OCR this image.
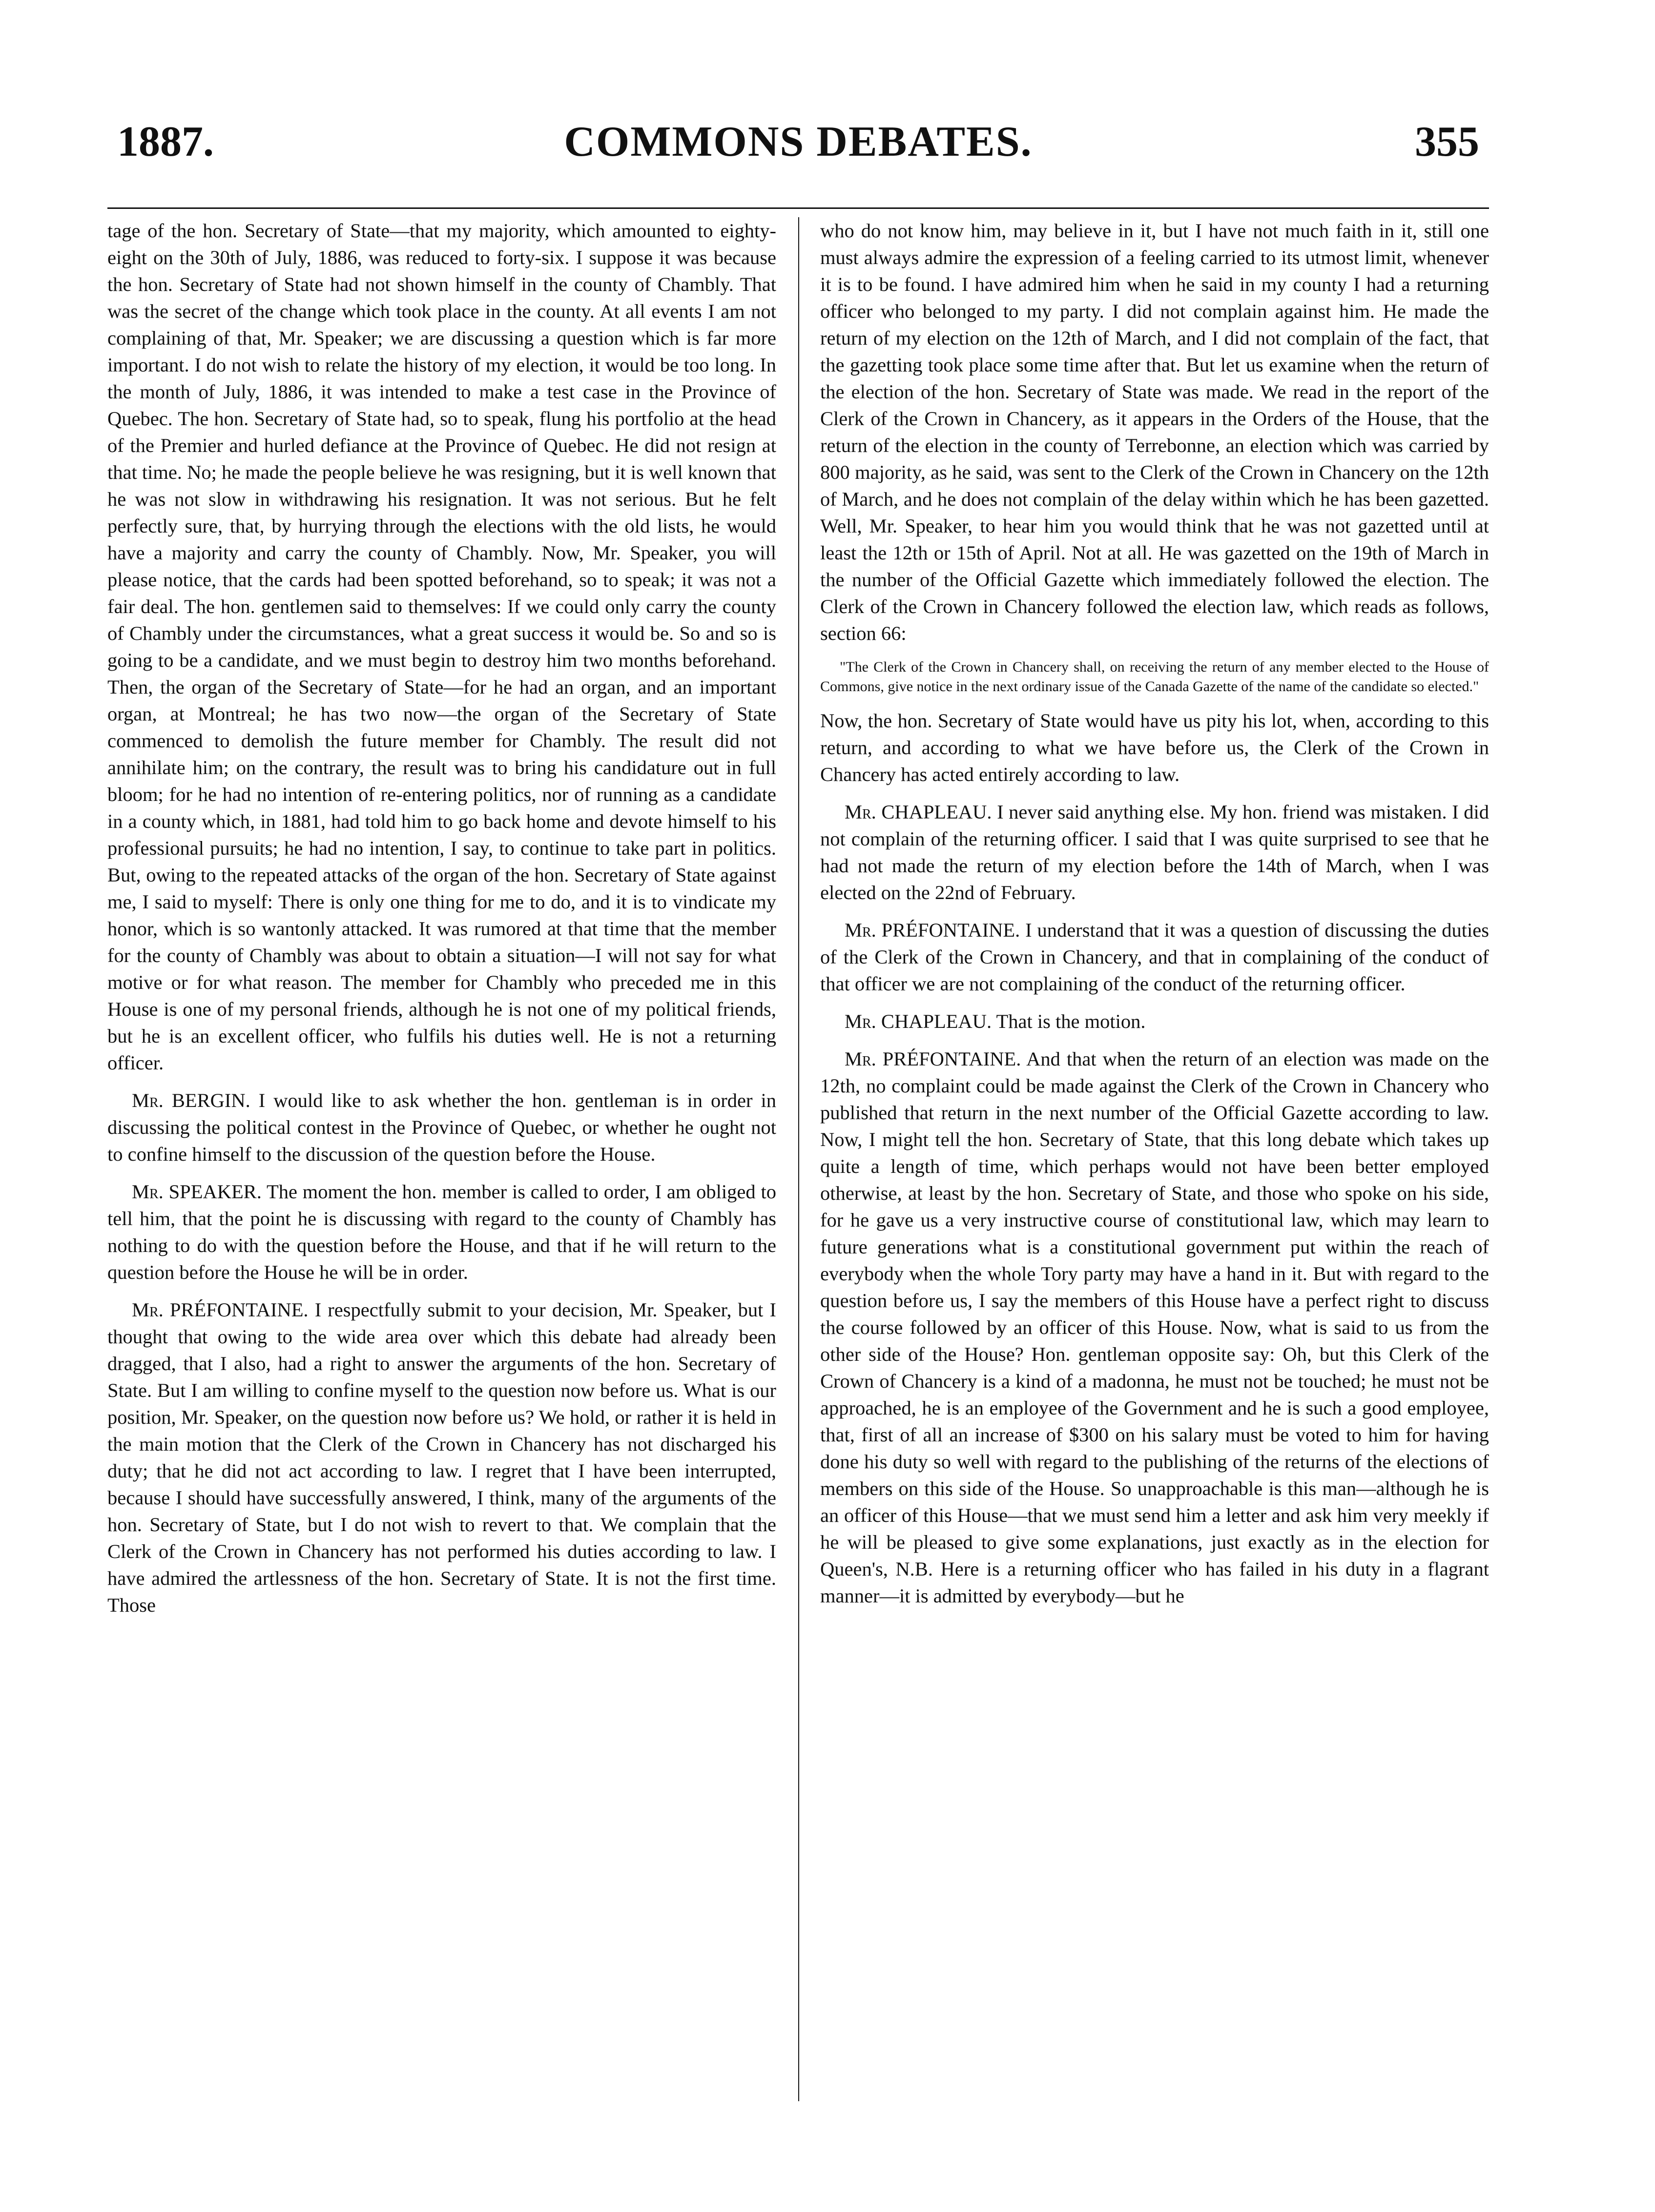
1887.	COMMONS DEBATES.	355

tage of the hon. Secretary of State—that my majority, which amounted to eighty-eight on the 30th of July, 1886, was reduced to forty-six. I suppose it was because the hon. Secretary of State had not shown himself in the county of Chambly. That was the secret of the change which took place in the county. At all events I am not complaining of that, Mr. Speaker; we are discussing a question which is far more important. I do not wish to relate the history of my election, it would be too long. In the month of July, 1886, it was intended to make a test case in the Province of Quebec. The hon. Secretary of State had, so to speak, flung his portfolio at the head of the Premier and hurled defiance at the Province of Quebec. He did not resign at that time. No; he made the people believe he was resigning, but it is well known that he was not slow in withdrawing his resignation. It was not serious. But he felt perfectly sure, that, by hurrying through the elections with the old lists, he would have a majority and carry the county of Chambly. Now, Mr. Speaker, you will please notice, that the cards had been spotted beforehand, so to speak; it was not a fair deal. The hon. gentlemen said to themselves: If we could only carry the county of Chambly under the circumstances, what a great success it would be. So and so is going to be a candidate, and we must begin to destroy him two months beforehand. Then, the organ of the Secretary of State—for he had an organ, and an important organ, at Montreal; he has two now—the organ of the Secretary of State commenced to demolish the future member for Chambly. The result did not annihilate him; on the contrary, the result was to bring his candidature out in full bloom; for he had no intention of re-entering politics, nor of running as a candidate in a county which, in 1881, had told him to go back home and devote himself to his professional pursuits; he had no intention, I say, to continue to take part in politics. But, owing to the repeated attacks of the organ of the hon. Secretary of State against me, I said to myself: There is only one thing for me to do, and it is to vindicate my honor, which is so wantonly attacked. It was rumored at that time that the member for the county of Chambly was about to obtain a situation—I will not say for what motive or for what reason. The member for Chambly who preceded me in this House is one of my personal friends, although he is not one of my political friends, but he is an excellent officer, who fulfils his duties well. He is not a returning officer.

Mr. BERGIN. I would like to ask whether the hon. gentleman is in order in discussing the political contest in the Province of Quebec, or whether he ought not to confine himself to the discussion of the question before the House.

Mr. SPEAKER. The moment the hon. member is called to order, I am obliged to tell him, that the point he is discussing with regard to the county of Chambly has nothing to do with the question before the House, and that if he will return to the question before the House he will be in order.

Mr. PRÉFONTAINE. I respectfully submit to your decision, Mr. Speaker, but I thought that owing to the wide area over which this debate had already been dragged, that I also, had a right to answer the arguments of the hon. Secretary of State. But I am willing to confine myself to the question now before us. What is our position, Mr. Speaker, on the question now before us? We hold, or rather it is held in the main motion that the Clerk of the Crown in Chancery has not discharged his duty; that he did not act according to law. I regret that I have been interrupted, because I should have successfully answered, I think, many of the arguments of the hon. Secretary of State, but I do not wish to revert to that. We complain that the Clerk of the Crown in Chancery has not performed his duties according to law. I have admired the artlessness of the hon. Secretary of State. It is not the first time. Those

who do not know him, may believe in it, but I have not much faith in it, still one must always admire the expression of a feeling carried to its utmost limit, whenever it is to be found. I have admired him when he said in my county I had a returning officer who belonged to my party. I did not complain against him. He made the return of my election on the 12th of March, and I did not complain of the fact, that the gazetting took place some time after that. But let us examine when the return of the election of the hon. Secretary of State was made. We read in the report of the Clerk of the Crown in Chancery, as it appears in the Orders of the House, that the return of the election in the county of Terrebonne, an election which was carried by 800 majority, as he said, was sent to the Clerk of the Crown in Chancery on the 12th of March, and he does not complain of the delay within which he has been gazetted. Well, Mr. Speaker, to hear him you would think that he was not gazetted until at least the 12th or 15th of April. Not at all. He was gazetted on the 19th of March in the number of the Official Gazette which immediately followed the election. The Clerk of the Crown in Chancery followed the election law, which reads as follows, section 66:

"The Clerk of the Crown in Chancery shall, on receiving the return of any member elected to the House of Commons, give notice in the next ordinary issue of the Canada Gazette of the name of the candidate so elected."

Now, the hon. Secretary of State would have us pity his lot, when, according to this return, and according to what we have before us, the Clerk of the Crown in Chancery has acted entirely according to law.

Mr. CHAPLEAU. I never said anything else. My hon. friend was mistaken. I did not complain of the returning officer. I said that I was quite surprised to see that he had not made the return of my election before the 14th of March, when I was elected on the 22nd of February.

Mr. PRÉFONTAINE. I understand that it was a question of discussing the duties of the Clerk of the Crown in Chancery, and that in complaining of the conduct of that officer we are not complaining of the conduct of the returning officer.

Mr. CHAPLEAU. That is the motion.

Mr. PRÉFONTAINE. And that when the return of an election was made on the 12th, no complaint could be made against the Clerk of the Crown in Chancery who published that return in the next number of the Official Gazette according to law. Now, I might tell the hon. Secretary of State, that this long debate which takes up quite a length of time, which perhaps would not have been better employed otherwise, at least by the hon. Secretary of State, and those who spoke on his side, for he gave us a very instructive course of constitutional law, which may learn to future generations what is a constitutional government put within the reach of everybody when the whole Tory party may have a hand in it. But with regard to the question before us, I say the members of this House have a perfect right to discuss the course followed by an officer of this House. Now, what is said to us from the other side of the House? Hon. gentleman opposite say: Oh, but this Clerk of the Crown of Chancery is a kind of a madonna, he must not be touched; he must not be approached, he is an employee of the Government and he is such a good employee, that, first of all an increase of $300 on his salary must be voted to him for having done his duty so well with regard to the publishing of the returns of the elections of members on this side of the House. So unapproachable is this man—although he is an officer of this House—that we must send him a letter and ask him very meekly if he will be pleased to give some explanations, just exactly as in the election for Queen's, N.B. Here is a returning officer who has failed in his duty in a flagrant manner—it is admitted by everybody—but he
